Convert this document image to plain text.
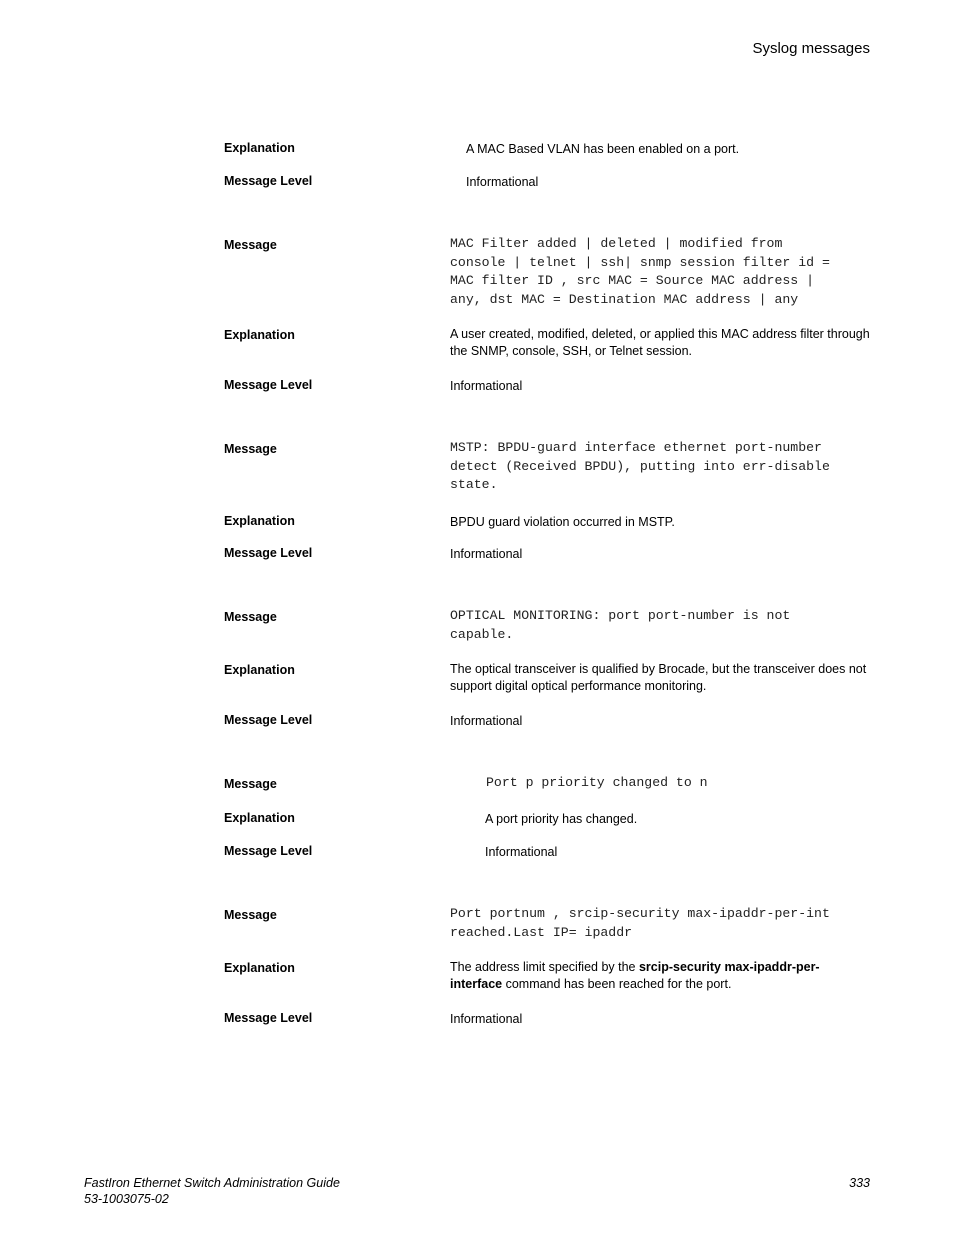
Syslog messages
Explanation	A MAC Based VLAN has been enabled on a port.
Message Level	Informational
Message	MAC Filter added | deleted | modified from
console | telnet | ssh| snmp session filter id =
MAC filter ID , src MAC = Source MAC address |
any, dst MAC = Destination MAC address | any
Explanation	A user created, modified, deleted, or applied this MAC address filter through the SNMP, console, SSH, or Telnet session.
Message Level	Informational
Message	MSTP: BPDU-guard interface ethernet port-number
detect (Received BPDU), putting into err-disable
state.
Explanation	BPDU guard violation occurred in MSTP.
Message Level	Informational
Message	OPTICAL MONITORING: port port-number is not
capable.
Explanation	The optical transceiver is qualified by Brocade, but the transceiver does not support digital optical performance monitoring.
Message Level	Informational
Message	Port p priority changed to n
Explanation	A port priority has changed.
Message Level	Informational
Message	Port portnum , srcip-security max-ipaddr-per-int
reached.Last IP= ipaddr
Explanation	The address limit specified by the srcip-security max-ipaddr-per-interface command has been reached for the port.
Message Level	Informational
FastIron Ethernet Switch Administration Guide
53-1003075-02
333
